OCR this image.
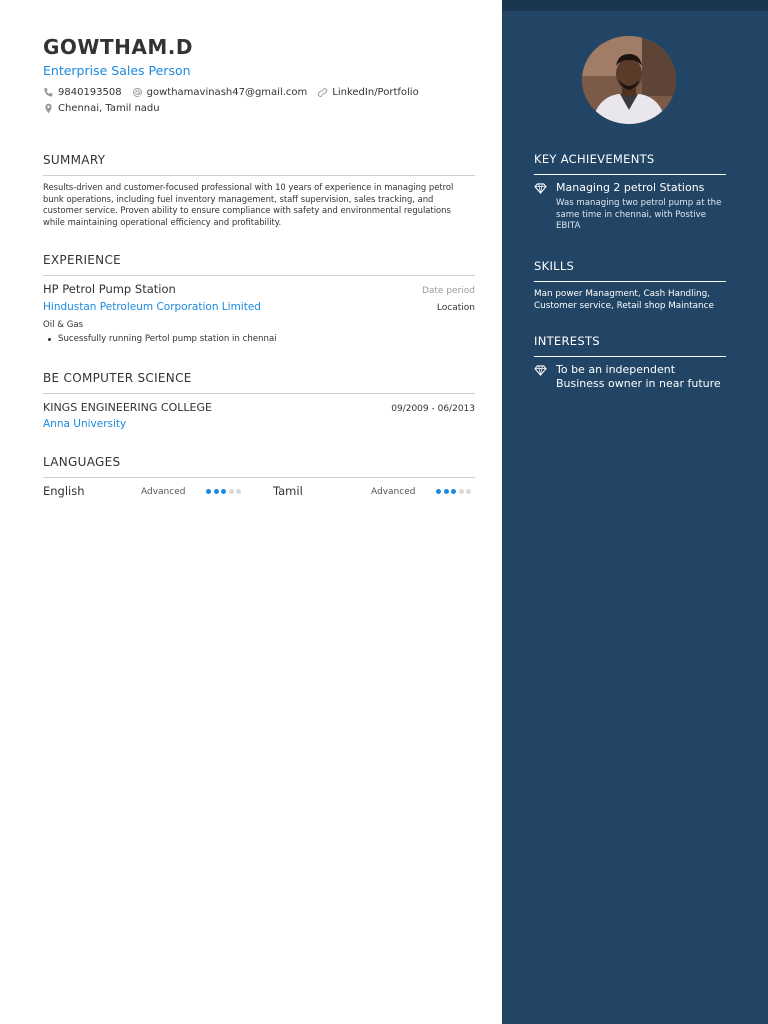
GOWTHAM.D
Enterprise Sales Person
9840193508	gowthamavinash47@gmail.com	LinkedIn/Portfolio
Chennai, Tamil nadu
SUMMARY
Results-driven and customer-focused professional with 10 years of experience in managing petrol bunk operations, including fuel inventory management, staff supervision, sales tracking, and customer service. Proven ability to ensure compliance with safety and environmental regulations while maintaining operational efficiency and profitability.
EXPERIENCE
HP Petrol Pump Station	Date period
Hindustan Petroleum Corporation Limited	Location
Oil & Gas
Sucessfully running Pertol pump station in chennai
BE COMPUTER SCIENCE
KINGS ENGINEERING COLLEGE	09/2009 - 06/2013
Anna University
LANGUAGES
English	Advanced	Tamil	Advanced
KEY ACHIEVEMENTS
Managing 2 petrol Stations
Was managing two petrol pump at the same time in chennai, with Postive EBITA
SKILLS
Man power Managment, Cash Handling, Customer service, Retail shop Maintance
INTERESTS
To be an independent Business owner in near future
